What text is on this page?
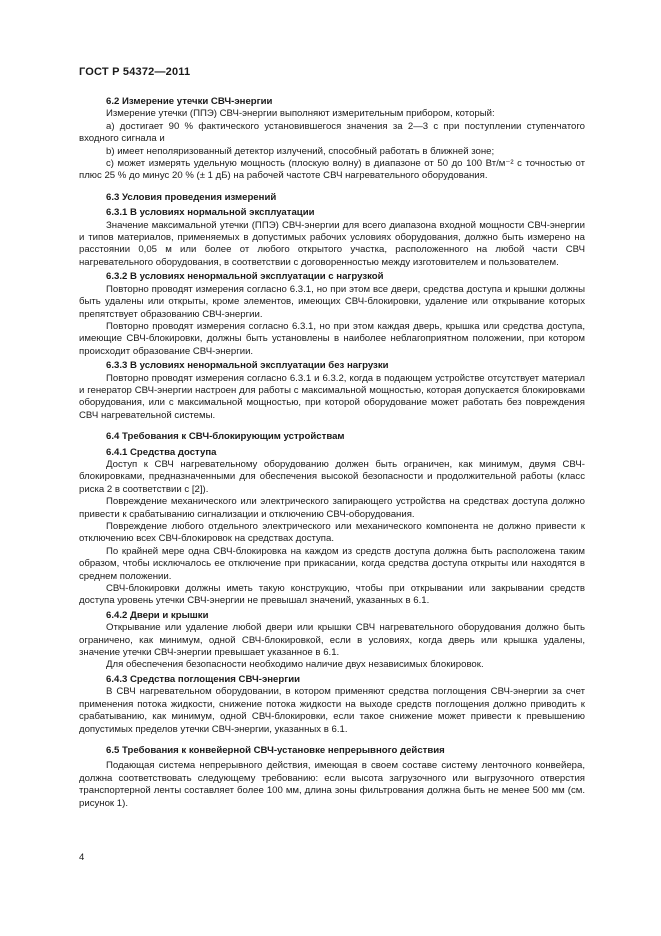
ГОСТ Р 54372—2011

6.2 Измерение утечки СВЧ-энергии

Измерение утечки (ППЭ) СВЧ-энергии выполняют измерительным прибором, который:

a) достигает 90 % фактического установившегося значения за 2—3 с при поступлении ступенчатого входного сигнала и

b) имеет неполяризованный детектор излучений, способный работать в ближней зоне;

c) может измерять удельную мощность (плоскую волну) в диапазоне от 50 до 100 Вт/м⁻² с точностью от плюс 25 % до минус 20 % (± 1 дБ) на рабочей частоте СВЧ нагревательного оборудования.

6.3 Условия проведения измерений

6.3.1 В условиях нормальной эксплуатации

Значение максимальной утечки (ППЭ) СВЧ-энергии для всего диапазона входной мощности СВЧ-энергии и типов материалов, применяемых в допустимых рабочих условиях оборудования, должно быть измерено на расстоянии 0,05 м или более от любого открытого участка, расположенного на любой части СВЧ нагревательного оборудования, в соответствии с договоренностью между изготовителем и пользователем.

6.3.2 В условиях ненормальной эксплуатации с нагрузкой

Повторно проводят измерения согласно 6.3.1, но при этом все двери, средства доступа и крышки должны быть удалены или открыты, кроме элементов, имеющих СВЧ-блокировки, удаление или открывание которых препятствует образованию СВЧ-энергии.

Повторно проводят измерения согласно 6.3.1, но при этом каждая дверь, крышка или средства доступа, имеющие СВЧ-блокировки, должны быть установлены в наиболее неблагоприятном положении, при котором происходит образование СВЧ-энергии.

6.3.3 В условиях ненормальной эксплуатации без нагрузки

Повторно проводят измерения согласно 6.3.1 и 6.3.2, когда в подающем устройстве отсутствует материал и генератор СВЧ-энергии настроен для работы с максимальной мощностью, которая допускается блокировками оборудования, или с максимальной мощностью, при которой оборудование может работать без повреждения СВЧ нагревательной системы.

6.4 Требования к СВЧ-блокирующим устройствам

6.4.1 Средства доступа

Доступ к СВЧ нагревательному оборудованию должен быть ограничен, как минимум, двумя СВЧ-блокировками, предназначенными для обеспечения высокой безопасности и продолжительной работы (класс риска 2 в соответствии с [2]).

Повреждение механического или электрического запирающего устройства на средствах доступа должно привести к срабатыванию сигнализации и отключению СВЧ-оборудования.

Повреждение любого отдельного электрического или механического компонента не должно привести к отключению всех СВЧ-блокировок на средствах доступа.

По крайней мере одна СВЧ-блокировка на каждом из средств доступа должна быть расположена таким образом, чтобы исключалось ее отключение при прикасании, когда средства доступа открыты или находятся в среднем положении.

СВЧ-блокировки должны иметь такую конструкцию, чтобы при открывании или закрывании средств доступа уровень утечки СВЧ-энергии не превышал значений, указанных в 6.1.

6.4.2 Двери и крышки

Открывание или удаление любой двери или крышки СВЧ нагревательного оборудования должно быть ограничено, как минимум, одной СВЧ-блокировкой, если в условиях, когда дверь или крышка удалены, значение утечки СВЧ-энергии превышает указанное в 6.1.

Для обеспечения безопасности необходимо наличие двух независимых блокировок.

6.4.3 Средства поглощения СВЧ-энергии

В СВЧ нагревательном оборудовании, в котором применяют средства поглощения СВЧ-энергии за счет применения потока жидкости, снижение потока жидкости на выходе средств поглощения должно приводить к срабатыванию, как минимум, одной СВЧ-блокировки, если такое снижение может привести к превышению допустимых пределов утечки СВЧ-энергии, указанных в 6.1.

6.5 Требования к конвейерной СВЧ-установке непрерывного действия

Подающая система непрерывного действия, имеющая в своем составе систему ленточного конвейера, должна соответствовать следующему требованию: если высота загрузочного или выгрузочного отверстия транспортерной ленты составляет более 100 мм, длина зоны фильтрования должна быть не менее 500 мм (см. рисунок 1).

4
